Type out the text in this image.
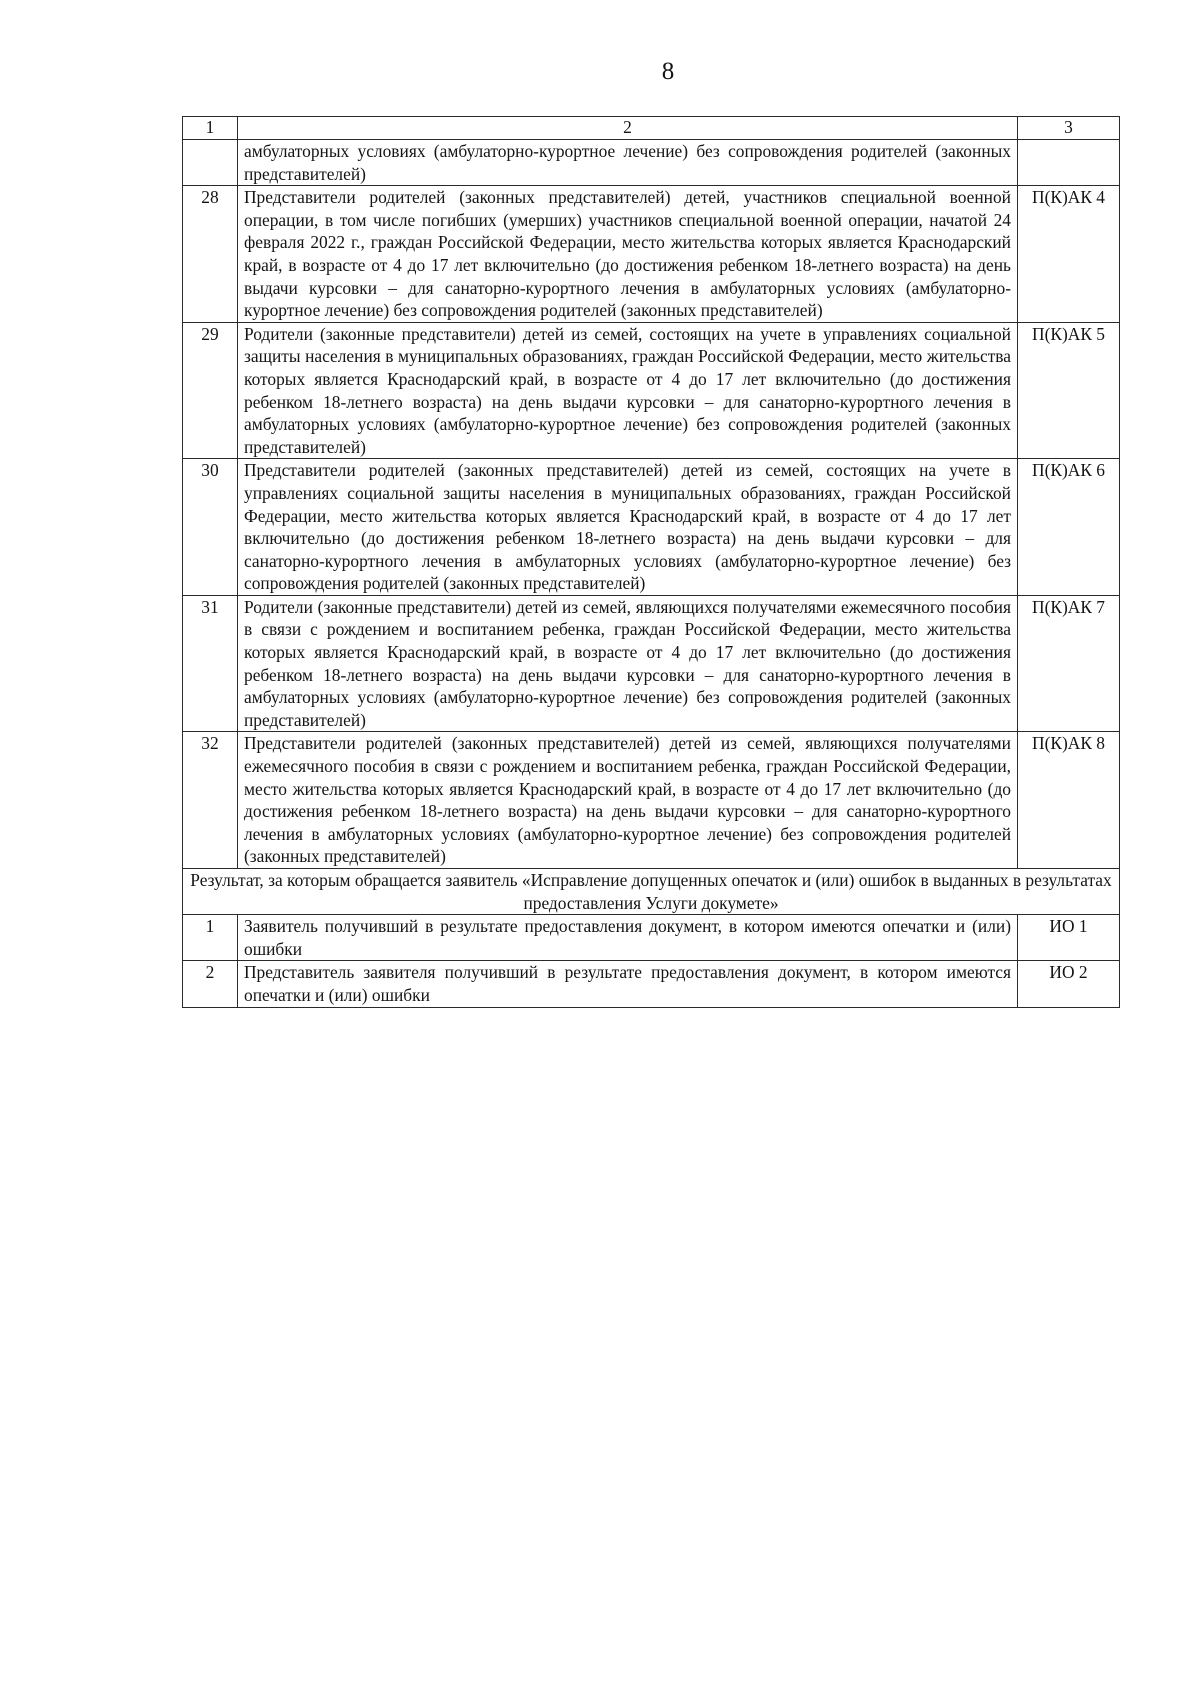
8
1	2	3
	амбулаторных условиях (амбулаторно-курортное лечение) без сопровождения родителей (законных представителей)	
28	Представители родителей (законных представителей) детей, участников специальной военной операции, в том числе погибших (умерших) участников специальной военной операции, начатой 24 февраля 2022 г., граждан Российской Федерации, место жительства которых является Краснодарский край, в возрасте от 4 до 17 лет включительно (до достижения ребенком 18-летнего возраста) на день выдачи курсовки – для санаторно-курортного лечения в амбулаторных условиях (амбулаторно-курортное лечение) без сопровождения родителей (законных представителей)	П(К)АК 4
29	Родители (законные представители) детей из семей, состоящих на учете в управлениях социальной защиты населения в муниципальных образованиях, граждан Российской Федерации, место жительства которых является Краснодарский край, в возрасте от 4 до 17 лет включительно (до достижения ребенком 18-летнего возраста) на день выдачи курсовки – для санаторно-курортного лечения в амбулаторных условиях (амбулаторно-курортное лечение) без сопровождения родителей (законных представителей)	П(К)АК 5
30	Представители родителей (законных представителей) детей из семей, состоящих на учете в управлениях социальной защиты населения в муниципальных образованиях, граждан Российской Федерации, место жительства которых является Краснодарский край, в возрасте от 4 до 17 лет включительно (до достижения ребенком 18-летнего возраста) на день выдачи курсовки – для санаторно-курортного лечения в амбулаторных условиях (амбулаторно-курортное лечение) без сопровождения родителей (законных представителей)	П(К)АК 6
31	Родители (законные представители) детей из семей, являющихся получателями ежемесячного пособия в связи с рождением и воспитанием ребенка, граждан Российской Федерации, место жительства которых является Краснодарский край, в возрасте от 4 до 17 лет включительно (до достижения ребенком 18-летнего возраста) на день выдачи курсовки – для санаторно-курортного лечения в амбулаторных условиях (амбулаторно-курортное лечение) без сопровождения родителей (законных представителей)	П(К)АК 7
32	Представители родителей (законных представителей) детей из семей, являющихся получателями ежемесячного пособия в связи с рождением и воспитанием ребенка, граждан Российской Федерации, место жительства которых является Краснодарский край, в возрасте от 4 до 17 лет включительно (до достижения ребенком 18-летнего возраста) на день выдачи курсовки – для санаторно-курортного лечения в амбулаторных условиях (амбулаторно-курортное лечение) без сопровождения родителей (законных представителей)	П(К)АК 8
Результат, за которым обращается заявитель «Исправление допущенных опечаток и (или) ошибок в выданных в результатах предоставления Услуги докумете»		
1	Заявитель получивший в результате предоставления документ, в котором имеются опечатки и (или) ошибки	ИО 1
2	Представитель заявителя получивший в результате предоставления документ, в котором имеются опечатки и (или) ошибки	ИО 2
